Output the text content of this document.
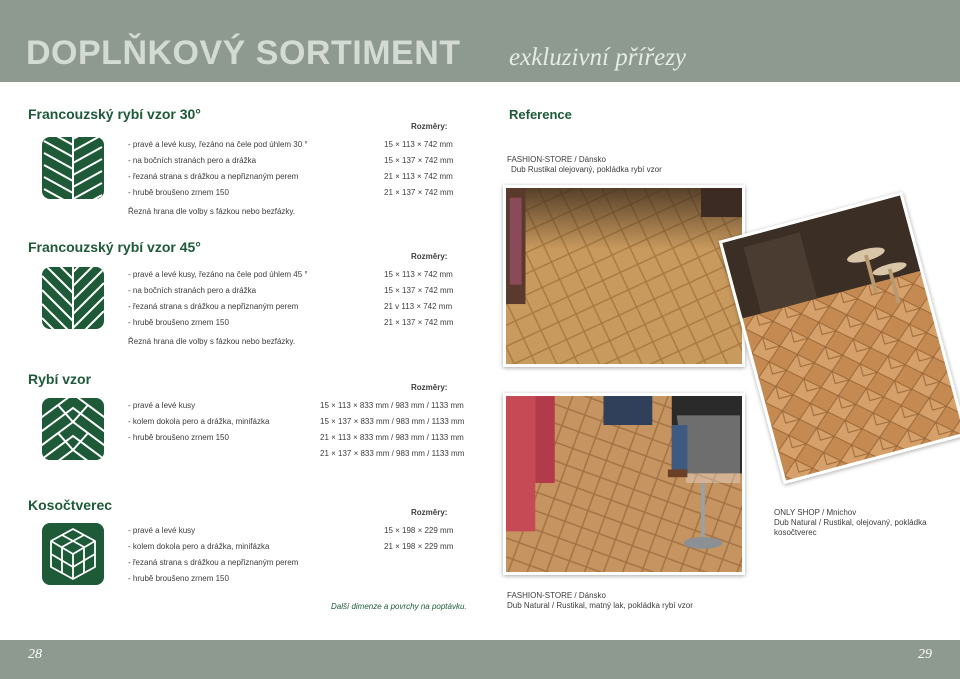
DOPLŇKOVÝ SORTIMENT exkluzivní přířezy
Francouzský rybí vzor 30°
Rozměry:
- pravé a levé kusy, řezáno na čele pod úhlem 30 °
- na bočních stranách pero a drážka
- řezaná strana s drážkou a nepřiznaným perem
- hrubě broušeno zrnem 150
15 × 113 × 742 mm
15 × 137 × 742 mm
21 × 113 × 742 mm
21 × 137 × 742 mm
Řezná hrana dle volby s fázkou nebo bezfázky.
Francouzský rybí vzor 45°
Rozměry:
- pravé a levé kusy, řezáno na čele pod úhlem 45 °
- na bočních stranách pero a drážka
- řezaná strana s drážkou a nepřiznaným perem
- hrubě broušeno zrnem 150
15 × 113 × 742 mm
15 × 137 × 742 mm
21 v 113 × 742 mm
21 × 137 × 742 mm
Řezná hrana dle volby s fázkou nebo bezfázky.
Rybí vzor
Rozměry:
- pravé a levé kusy
- kolem dokola pero a drážka, minifázka
- hrubě broušeno zrnem 150
15 × 113 × 833 mm / 983 mm / 1133 mm
15 × 137 × 833 mm / 983 mm / 1133 mm
21 × 113 × 833 mm / 983 mm / 1133 mm
21 × 137 × 833 mm / 983 mm / 1133 mm
Kosočtverec	Rozměry:
- pravé a levé kusy
- kolem dokola pero a drážka, minifázka
- řezaná strana s drážkou a nepřiznaným perem
- hrubě broušeno zrnem 150
15 × 198 × 229 mm
21 × 198 × 229 mm
Další dimenze a povrchy na poptávku.
Reference
FASHION-STORE / Dánsko
Dub Rustikal olejovaný, pokládka rybí vzor
ONLY SHOP / Mnichov
Dub Natural / Rustikal, olejovaný, pokládka
kosočtverec
FASHION-STORE / Dánsko
Dub Natural / Rustikal, matný lak, pokládka rybí vzor
28	29
